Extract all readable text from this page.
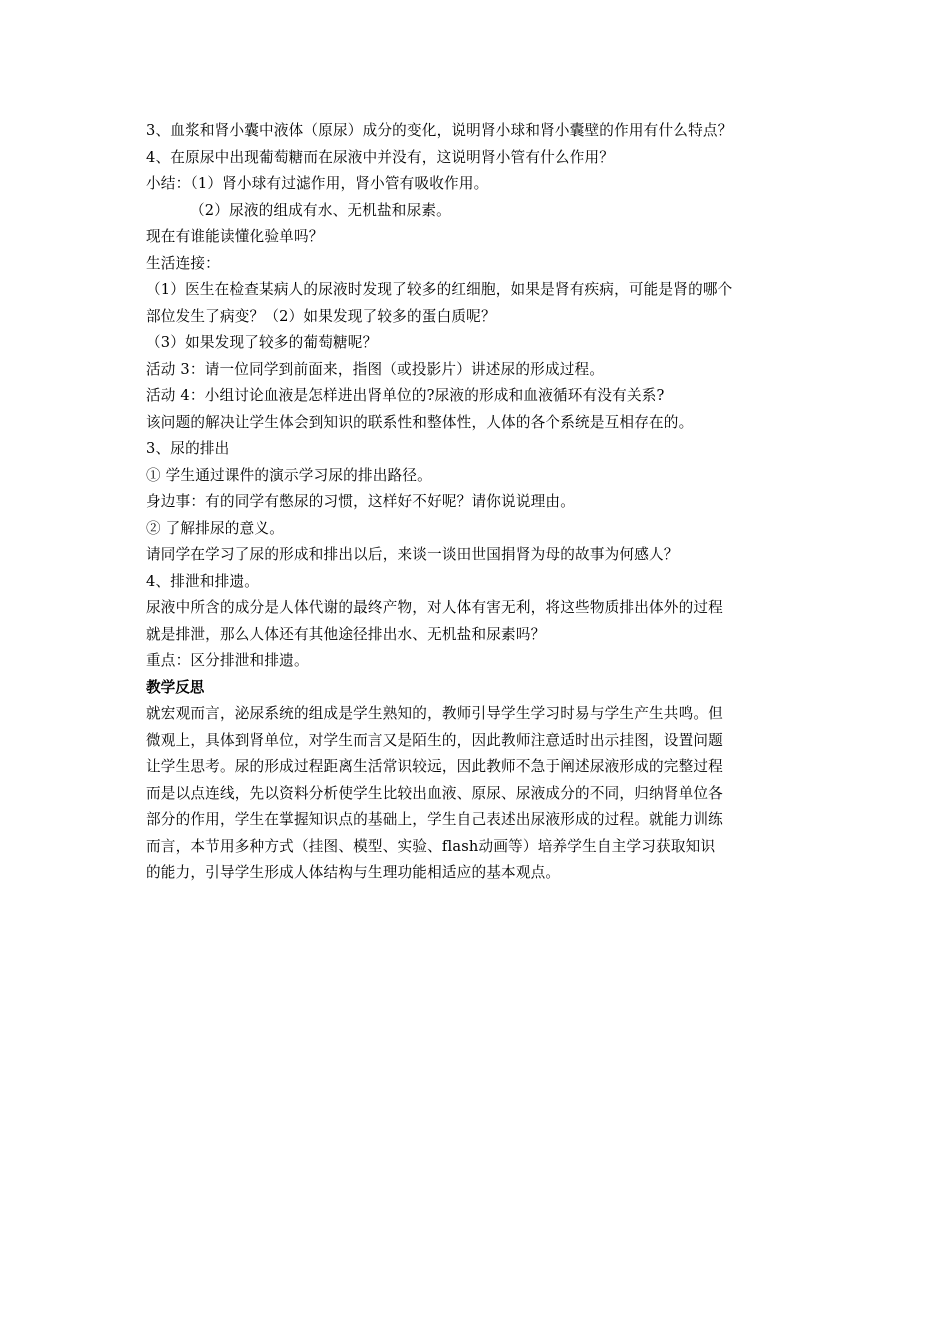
3、血浆和肾小囊中液体（原尿）成分的变化，说明肾小球和肾小囊壁的作用有什么特点？
4、在原尿中出现葡萄糖而在尿液中并没有，这说明肾小管有什么作用？
小结：（1）肾小球有过滤作用，肾小管有吸收作用。
（2）尿液的组成有水、无机盐和尿素。
现在有谁能读懂化验单吗？
生活连接：
（1）医生在检查某病人的尿液时发现了较多的红细胞，如果是肾有疾病，可能是肾的哪个
部位发生了病变？（2）如果发现了较多的蛋白质呢？
（3）如果发现了较多的葡萄糖呢？
活动 3：请一位同学到前面来，指图（或投影片）讲述尿的形成过程。
活动 4：小组讨论血液是怎样进出肾单位的?尿液的形成和血液循环有没有关系?
该问题的解决让学生体会到知识的联系性和整体性，人体的各个系统是互相存在的。
3、尿的排出
① 学生通过课件的演示学习尿的排出路径。
身边事：有的同学有憋尿的习惯，这样好不好呢？请你说说理由。
② 了解排尿的意义。
请同学在学习了尿的形成和排出以后，来谈一谈田世国捐肾为母的故事为何感人？
4、排泄和排遗。
尿液中所含的成分是人体代谢的最终产物，对人体有害无利，将这些物质排出体外的过程
就是排泄，那么人体还有其他途径排出水、无机盐和尿素吗？
重点：区分排泄和排遗。
教学反思
就宏观而言，泌尿系统的组成是学生熟知的，教师引导学生学习时易与学生产生共鸣。但
微观上，具体到肾单位，对学生而言又是陌生的，因此教师注意适时出示挂图，设置问题
让学生思考。尿的形成过程距离生活常识较远，因此教师不急于阐述尿液形成的完整过程
而是以点连线，先以资料分析使学生比较出血液、原尿、尿液成分的不同，归纳肾单位各
部分的作用，学生在掌握知识点的基础上，学生自己表述出尿液形成的过程。就能力训练
而言，本节用多种方式（挂图、模型、实验、flash动画等）培养学生自主学习获取知识
的能力，引导学生形成人体结构与生理功能相适应的基本观点。
